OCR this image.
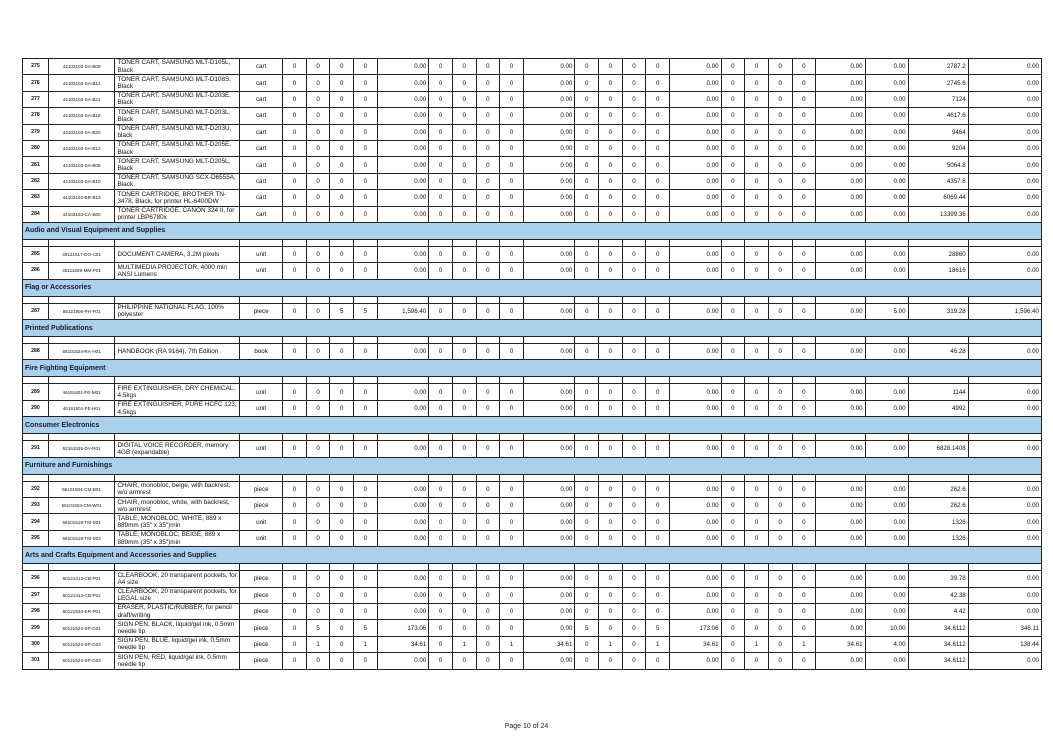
275	44103103-SA-B09	TONER CART, SAMSUNG MLT-D105L, Black	cart	0	0	0	0	0.00	0	0	0	0	0.00	0	0	0	0	0.00	0	0	0	0	0.00	0.00	2787.2	0.00
276	44103103-SA-B14	TONER CART, SAMSUNG MLT-D108S, Black	cart	0	0	0	0	0.00	0	0	0	0	0.00	0	0	0	0	0.00	0	0	0	0	0.00	0.00	2745.6	0.00
277	44103103-SA-B21	TONER CART, SAMSUNG MLT-D203E, Black	cart	0	0	0	0	0.00	0	0	0	0	0.00	0	0	0	0	0.00	0	0	0	0	0.00	0.00	7124	0.00
278	44103103-SA-B18	TONER CART, SAMSUNG MLT-D203L, Black	cart	0	0	0	0	0.00	0	0	0	0	0.00	0	0	0	0	0.00	0	0	0	0	0.00	0.00	4617.6	0.00
279	44103103-SA-B20	TONER CART, SAMSUNG MLT-D203U, black	cart	0	0	0	0	0.00	0	0	0	0	0.00	0	0	0	0	0.00	0	0	0	0	0.00	0.00	9464	0.00
280	44103103-SA-B12	TONER CART, SAMSUNG MLT-D205E, Black	cart	0	0	0	0	0.00	0	0	0	0	0.00	0	0	0	0	0.00	0	0	0	0	0.00	0.00	9204	0.00
281	44103103-SA-B08	TONER CART, SAMSUNG MLT-D205L, Black	cart	0	0	0	0	0.00	0	0	0	0	0.00	0	0	0	0	0.00	0	0	0	0	0.00	0.00	5064.8	0.00
282	44103103-SA-B10	TONER CART, SAMSUNG SCX-D6555A, Black	cart	0	0	0	0	0.00	0	0	0	0	0.00	0	0	0	0	0.00	0	0	0	0	0.00	0.00	4357.6	0.00
283	44103103-BR-B15	TONER CARTRIDGE, BROTHER TN-3478, Black, for printer HL-6400DW	cart	0	0	0	0	0.00	0	0	0	0	0.00	0	0	0	0	0.00	0	0	0	0	0.00	0.00	6069.44	0.00
284	44103103-CA-B00	TONER CARTRIDGE, CANON 324 II, for printer LBP6780x	cart	0	0	0	0	0.00	0	0	0	0	0.00	0	0	0	0	0.00	0	0	0	0	0.00	0.00	13399.36	0.00
Audio and Visual Equipment and Supplies																										

285	45121517-DO-C01	DOCUMENT CAMERA, 3.2M pixels	unit	0	0	0	0	0.00	0	0	0	0	0.00	0	0	0	0	0.00	0	0	0	0	0.00	0.00	28860	0.00
286	45111609-MM-P01	MULTIMEDIA PROJECTOR, 4000 min ANSI Lumens	unit	0	0	0	0	0.00	0	0	0	0	0.00	0	0	0	0	0.00	0	0	0	0	0.00	0.00	18616	0.00
Flag or Accessories																										

287	55121905-PH-F01	PHILIPPINE NATIONAL FLAG, 100% polyester	piece	0	0	5	5	1,596.40	0	0	0	0	0.00	0	0	0	0	0.00	0	0	0	0	0.00	5.00	319.28	1,596.40
Printed Publications																										

288	55101524-RA-H01	HANDBOOK (RA 9184), 7th Edition	book	0	0	0	0	0.00	0	0	0	0	0.00	0	0	0	0	0.00	0	0	0	0	0.00	0.00	46.28	0.00
Fire Fighting Equipment																										

289	46191601-FE-M01	FIRE EXTINGUISHER, DRY CHEMICAL, 4.5kgs	unit	0	0	0	0	0.00	0	0	0	0	0.00	0	0	0	0	0.00	0	0	0	0	0.00	0.00	1144	0.00
290	46191601-FE-H01	FIRE EXTINGUISHER, PURE HCFC 123, 4.5kgs	unit	0	0	0	0	0.00	0	0	0	0	0.00	0	0	0	0	0.00	0	0	0	0	0.00	0.00	4992	0.00
Consumer Electronics																										

291	52161535-DV-R01	DIGITAL VOICE RECORDER, memory: 4GB (expandable)	unit	0	0	0	0	0.00	0	0	0	0	0.00	0	0	0	0	0.00	0	0	0	0	0.00	0.00	6828.1408	0.00
Furniture and Furnishings																										

292	56101504-CM-B01	CHAIR, monobloc, beige, with backrest, w/o armrest	piece	0	0	0	0	0.00	0	0	0	0	0.00	0	0	0	0	0.00	0	0	0	0	0.00	0.00	262.6	0.00
293	56101504-CM-W01	CHAIR, monobloc, white, with backrest, w/o armrest	piece	0	0	0	0	0.00	0	0	0	0	0.00	0	0	0	0	0.00	0	0	0	0	0.00	0.00	262.6	0.00
294	56101519-TM-S01	TABLE, MONOBLOC, WHITE, 889 x 889mm (35" x 35")min	unit	0	0	0	0	0.00	0	0	0	0	0.00	0	0	0	0	0.00	0	0	0	0	0.00	0.00	1326	0.00
295	56101519-TM-S02	TABLE, MONOBLOC, BEIGE, 889 x 889mm (35" x 35")min	unit	0	0	0	0	0.00	0	0	0	0	0.00	0	0	0	0	0.00	0	0	0	0	0.00	0.00	1326	0.00
Arts and Crafts Equipment and Accessories and Supplies																										

296	60121413-CB-P01	CLEARBOOK, 20 transparent pockets, for A4 size	piece	0	0	0	0	0.00	0	0	0	0	0.00	0	0	0	0	0.00	0	0	0	0	0.00	0.00	39.78	0.00
297	60121413-CB-P02	CLEARBOOK, 20 transparent pockets, for LEGAL size	piece	0	0	0	0	0.00	0	0	0	0	0.00	0	0	0	0	0.00	0	0	0	0	0.00	0.00	42.38	0.00
298	60121534-ER-P01	ERASER, PLASTIC/RUBBER, for pencil draft/writing	piece	0	0	0	0	0.00	0	0	0	0	0.00	0	0	0	0	0.00	0	0	0	0	0.00	0.00	4.42	0.00
299	60121524-SP-G01	SIGN PEN, BLACK, liquid/gel ink, 0.5mm needle tip	piece	0	5	0	5	173.06	0	0	0	0	0.00	5	0	0	5	173.06	0	0	0	0	0.00	10.00	34.6112	346.11
300	60121524-SP-G02	SIGN PEN, BLUE, liquid/gel ink, 0.5mm needle tip	piece	0	1	0	1	34.61	0	1	0	1	34.61	0	1	0	1	34.61	0	1	0	1	34.61	4.00	34.6112	138.44
301	60121524-SP-G03	SIGN PEN, RED, liquid/gel ink, 0.5mm needle tip	piece	0	0	0	0	0.00	0	0	0	0	0.00	0	0	0	0	0.00	0	0	0	0	0.00	0.00	34.6112	0.00
Page 10 of 24
